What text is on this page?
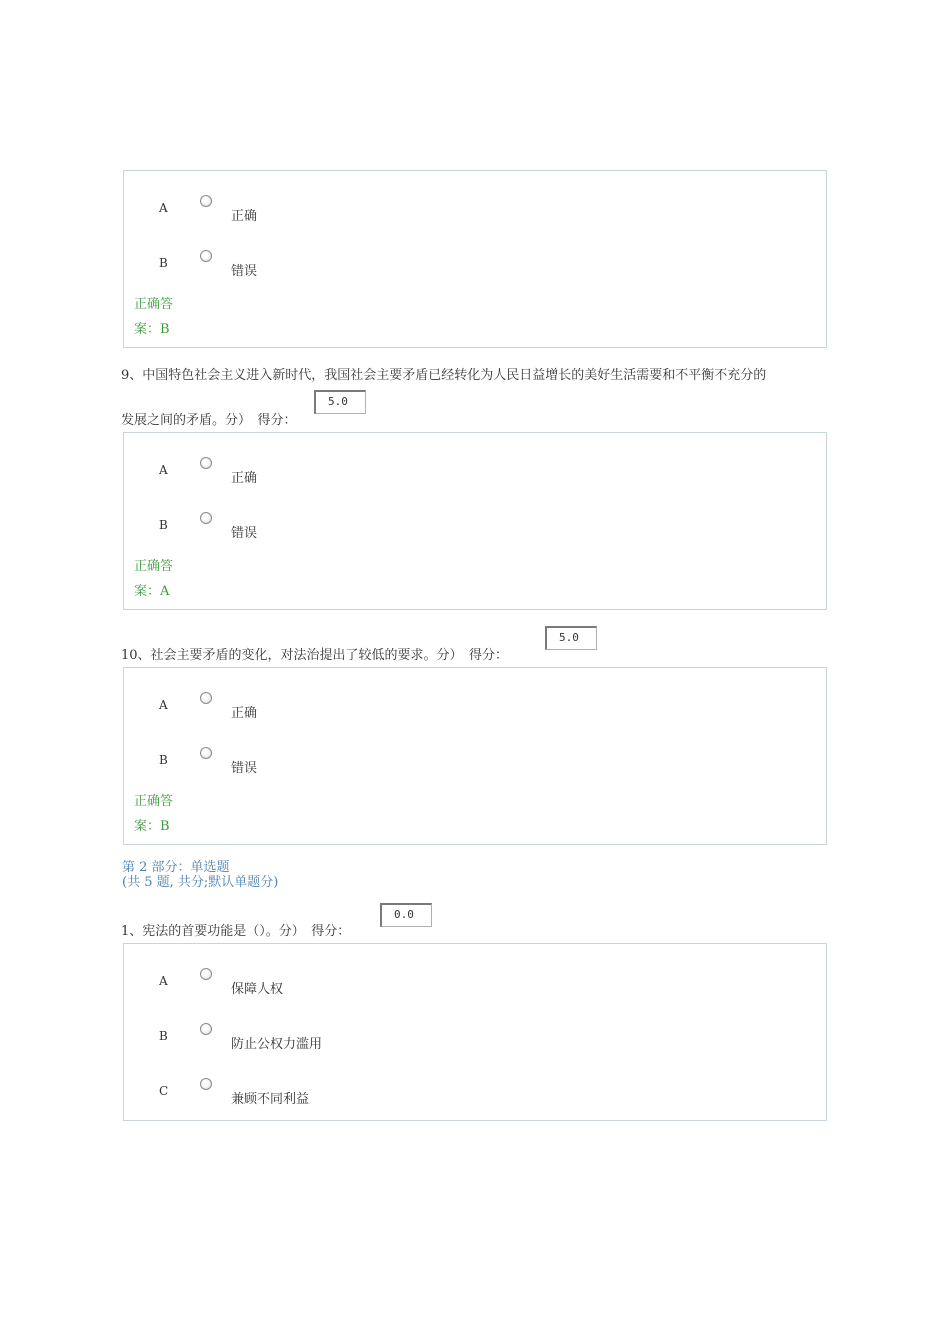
A
正确
B
错误
正确答
案：B
9、中国特色社会主义进入新时代，我国社会主要矛盾已经转化为人民日益增长的美好生活需要和不平衡不充分的
发展之间的矛盾。分）　得分：
5.0
A
正确
B
错误
正确答
案：A
10、社会主要矛盾的变化，对法治提出了较低的要求。分）　得分：
5.0
A
正确
B
错误
正确答
案：B
第 2 部分：单选题
(共 5 题, 共分;默认单题分)
1、宪法的首要功能是（）。分）　得分：
0.0
A
保障人权
B
防止公权力滥用
C
兼顾不同利益
